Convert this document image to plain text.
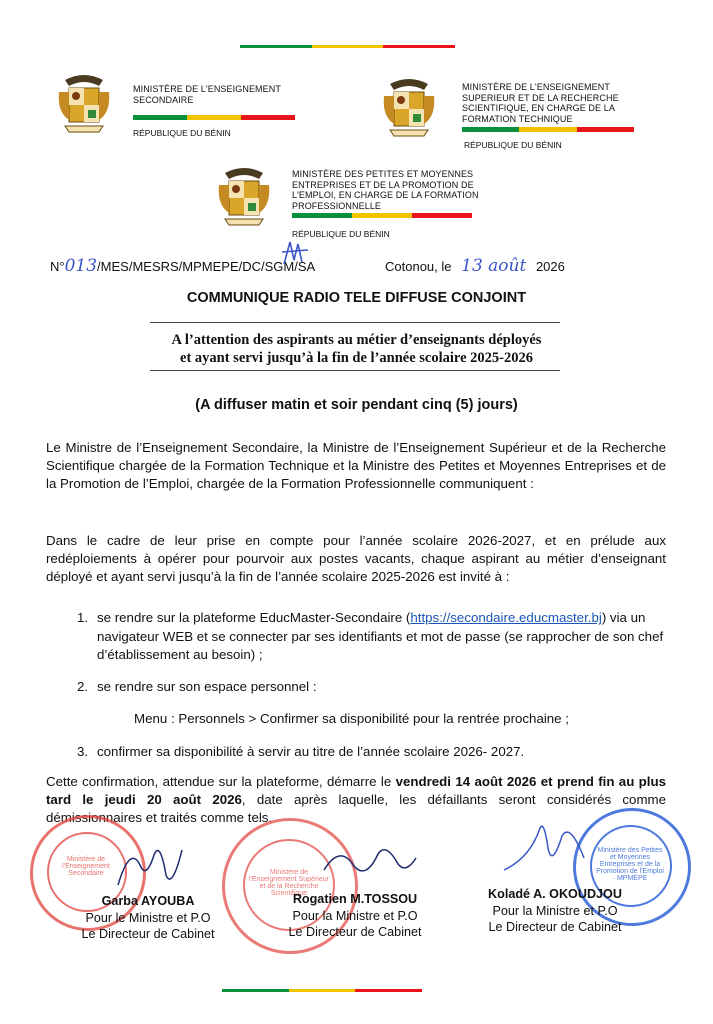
MINISTÈRE DE L'ENSEIGNEMENT SECONDAIRE
RÉPUBLIQUE DU BÉNIN
MINISTÈRE DE L'ENSEIGNEMENT SUPERIEUR ET DE LA RECHERCHE SCIENTIFIQUE, EN CHARGE DE LA FORMATION TECHNIQUE
RÉPUBLIQUE DU BÉNIN
MINISTÈRE DES PETITES ET MOYENNES ENTREPRISES ET DE LA PROMOTION DE L'EMPLOI, EN CHARGE DE LA FORMATION PROFESSIONNELLE
RÉPUBLIQUE DU BÉNIN
N°013/MES/MESRS/MPMEPE/DC/SGM/SA	Cotonou, le 13 août 2026
COMMUNIQUE RADIO TELE DIFFUSE CONJOINT
A l’attention des aspirants au métier d’enseignants déployés
et ayant servi jusqu’à la fin de l’année scolaire 2025-2026
(A diffuser matin et soir pendant cinq (5) jours)
Le Ministre de l’Enseignement Secondaire, la Ministre de l’Enseignement Supérieur et de la Recherche Scientifique chargée de la Formation Technique et la Ministre des Petites et Moyennes Entreprises et de la Promotion de l’Emploi, chargée de la Formation Professionnelle communiquent :
Dans le cadre de leur prise en compte pour l’année scolaire 2026-2027, et en prélude aux redéploiements à opérer pour pourvoir aux postes vacants, chaque aspirant au métier d’enseignant déployé et ayant servi jusqu’à la fin de l’année scolaire 2025-2026 est invité à :
1. se rendre sur la plateforme EducMaster-Secondaire (https://secondaire.educmaster.bj) via un navigateur WEB et se connecter par ses identifiants et mot de passe (se rapprocher de son chef d’établissement au besoin) ;
2. se rendre sur son espace personnel :
Menu : Personnels > Confirmer sa disponibilité pour la rentrée prochaine ;
3. confirmer sa disponibilité à servir au titre de l’année scolaire 2026- 2027.
Cette confirmation, attendue sur la plateforme, démarre le vendredi 14 août 2026 et prend fin au plus tard le jeudi 20 août 2026, date après laquelle, les défaillants seront considérés comme démissionnaires et traités comme tels.
Ministère de l'Enseignement Secondaire	Ministère de l'Enseignement Supérieur et de la Recherche Scientifique
Ministère des Petites et Moyennes Entreprises et de la Promotion de l'Emploi · MPMEPE
Garba AYOUBA
Pour le Ministre et P.O
Le Directeur de Cabinet
Rogatien M.TOSSOU
Pour la Ministre et P.O
Le Directeur de Cabinet
Koladé A. OKOUDJOU
Pour la Ministre et P.O
Le Directeur de Cabinet
